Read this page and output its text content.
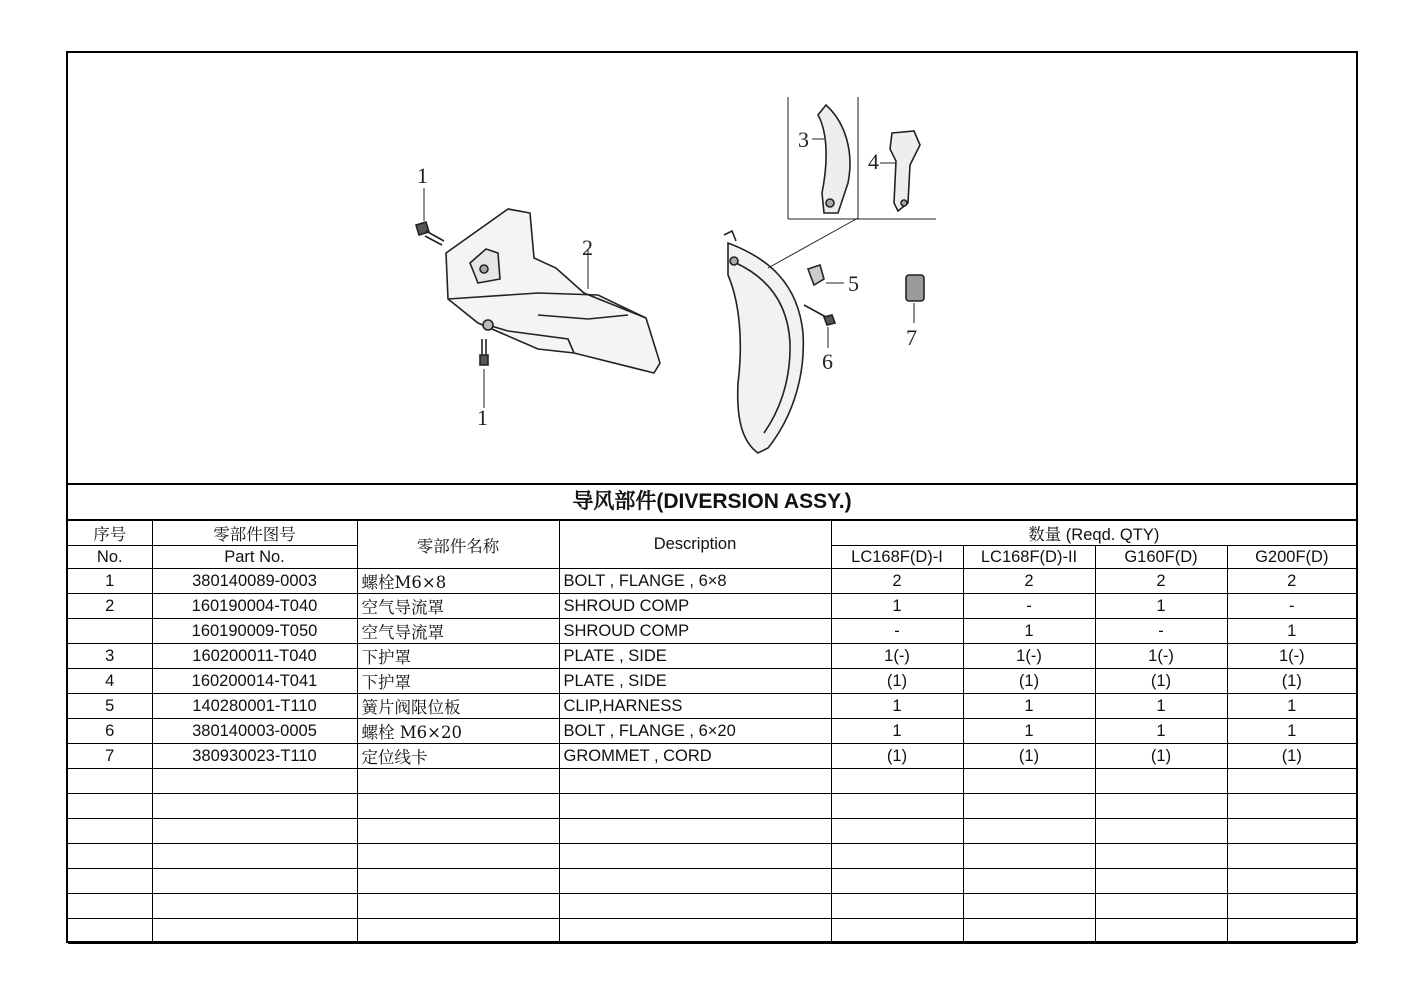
1
1
2
3
4
5
6
7
导风部件(DIVERSION ASSY.)
序号	零部件图号	零部件名称	Description	数量 (Reqd. QTY)			
No.	Part No.			LC168F(D)-I	LC168F(D)-II	G160F(D)	G200F(D)
1	380140089-0003	螺栓M6×8	BOLT , FLANGE , 6×8	2	2	2	2
2	160190004-T040	空气导流罩	SHROUD COMP	1	-	1	-
	160190009-T050	空气导流罩	SHROUD COMP	-	1	-	1
3	160200011-T040	下护罩	PLATE , SIDE	1(-)	1(-)	1(-)	1(-)
4	160200014-T041	下护罩	PLATE , SIDE	(1)	(1)	(1)	(1)
5	140280001-T110	簧片阀限位板	CLIP,HARNESS	1	1	1	1
6	380140003-0005	螺栓 M6×20	BOLT , FLANGE , 6×20	1	1	1	1
7	380930023-T110	定位线卡	GROMMET , CORD	(1)	(1)	(1)	(1)
